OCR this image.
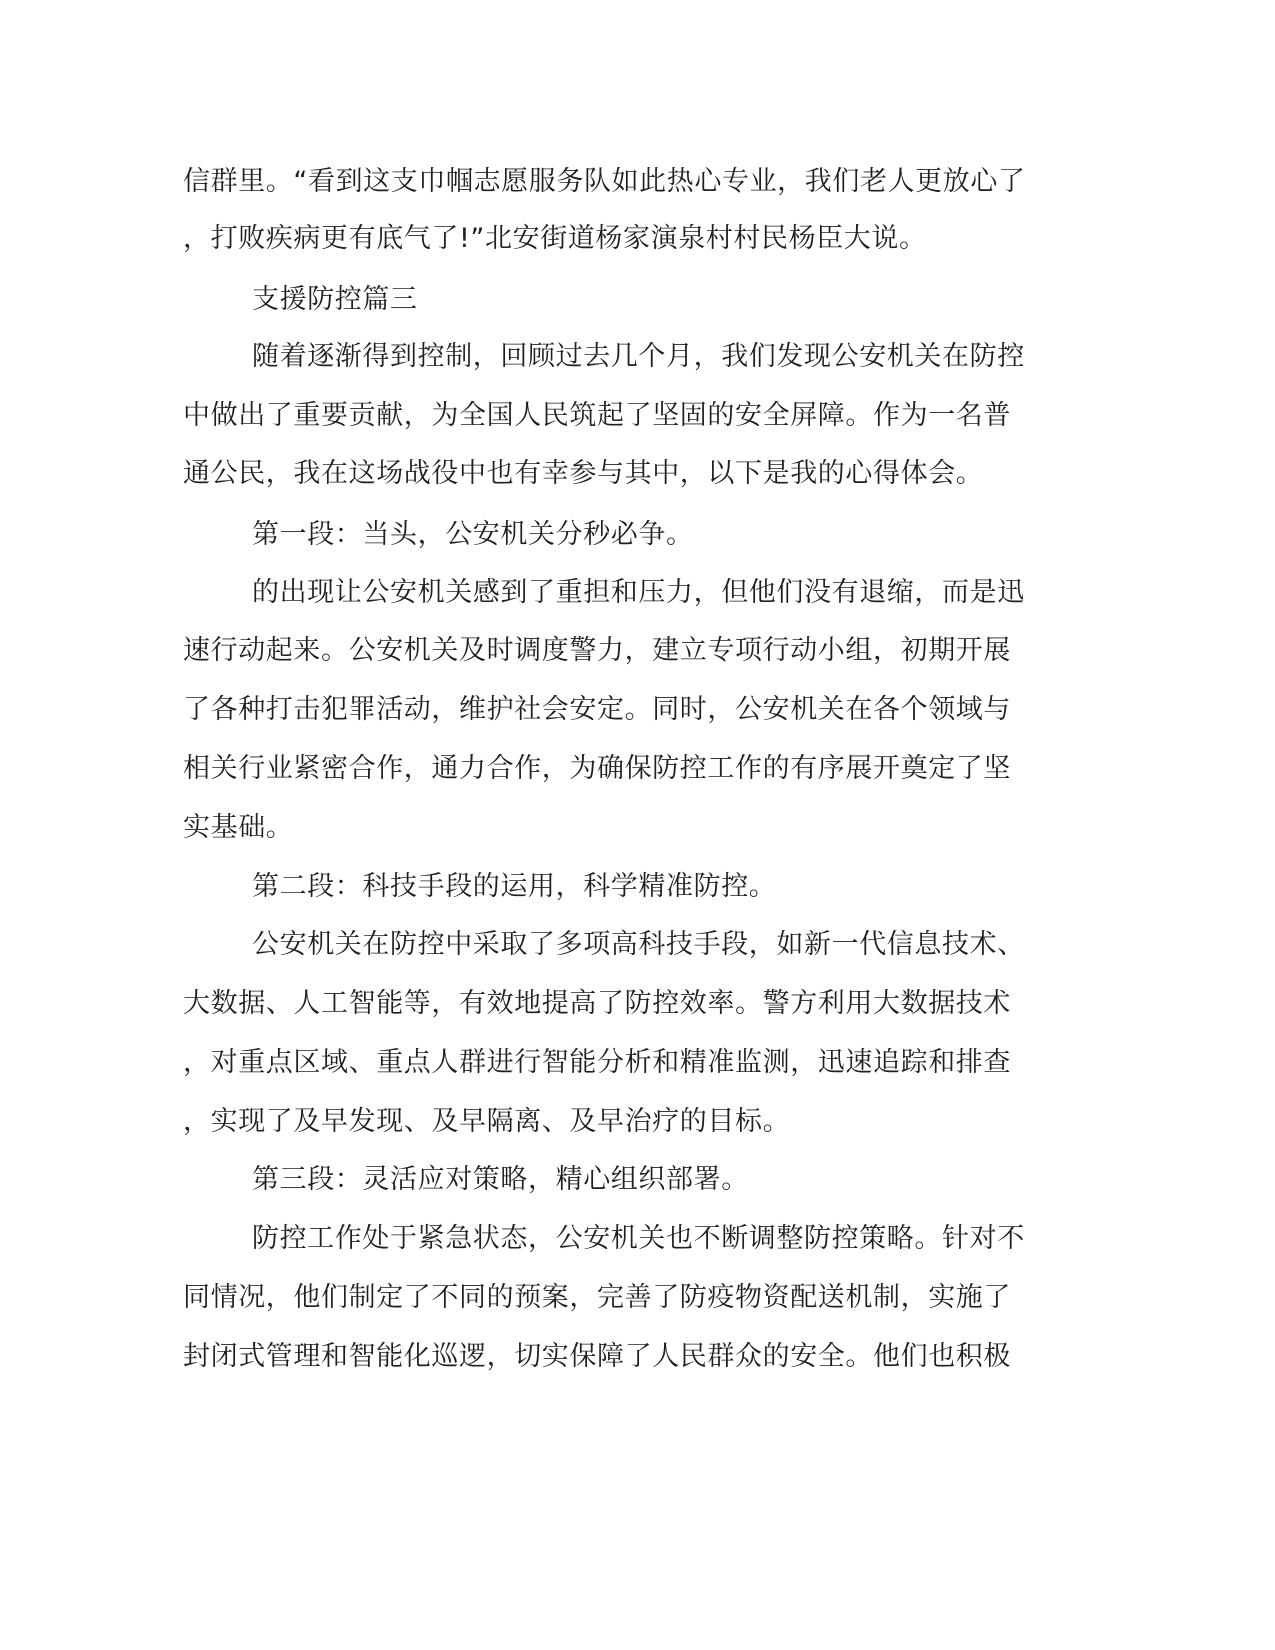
信群里。“看到这支巾帼志愿服务队如此热心专业，我们老人更放心了
，打败疾病更有底气了!”北安街道杨家演泉村村民杨臣大说。
支援防控篇三
随着逐渐得到控制，回顾过去几个月，我们发现公安机关在防控
中做出了重要贡献，为全国人民筑起了坚固的安全屏障。作为一名普
通公民，我在这场战役中也有幸参与其中，以下是我的心得体会。
第一段：当头，公安机关分秒必争。
的出现让公安机关感到了重担和压力，但他们没有退缩，而是迅
速行动起来。公安机关及时调度警力，建立专项行动小组，初期开展
了各种打击犯罪活动，维护社会安定。同时，公安机关在各个领域与
相关行业紧密合作，通力合作，为确保防控工作的有序展开奠定了坚
实基础。
第二段：科技手段的运用，科学精准防控。
公安机关在防控中采取了多项高科技手段，如新一代信息技术、
大数据、人工智能等，有效地提高了防控效率。警方利用大数据技术
，对重点区域、重点人群进行智能分析和精准监测，迅速追踪和排查
，实现了及早发现、及早隔离、及早治疗的目标。
第三段：灵活应对策略，精心组织部署。
防控工作处于紧急状态，公安机关也不断调整防控策略。针对不
同情况，他们制定了不同的预案，完善了防疫物资配送机制，实施了
封闭式管理和智能化巡逻，切实保障了人民群众的安全。他们也积极
